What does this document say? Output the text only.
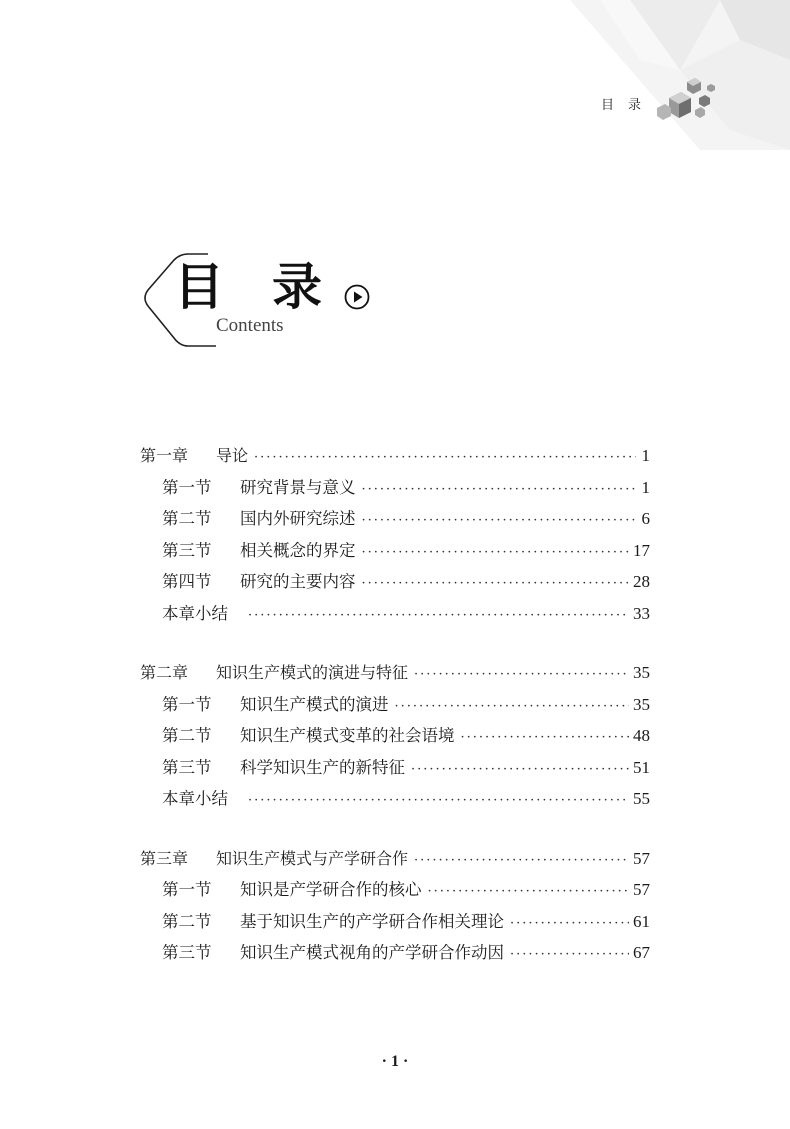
目录
目 录
Contents
第一章 导论 ·····	1
第一节 研究背景与意义 ·····	1
第二节 国内外研究综述 ·····	6
第三节 相关概念的界定 ·····	17
第四节 研究的主要内容 ·····	28
本章小结 ·····	33
第二章 知识生产模式的演进与特征 ·····	35
第一节 知识生产模式的演进 ·····	35
第二节 知识生产模式变革的社会语境 ·····	48
第三节 科学知识生产的新特征 ·····	51
本章小结 ·····	55
第三章 知识生产模式与产学研合作 ·····	57
第一节 知识是产学研合作的核心 ·····	57
第二节 基于知识生产的产学研合作相关理论 ·····	61
第三节 知识生产模式视角的产学研合作动因 ·····	67
· 1 ·
